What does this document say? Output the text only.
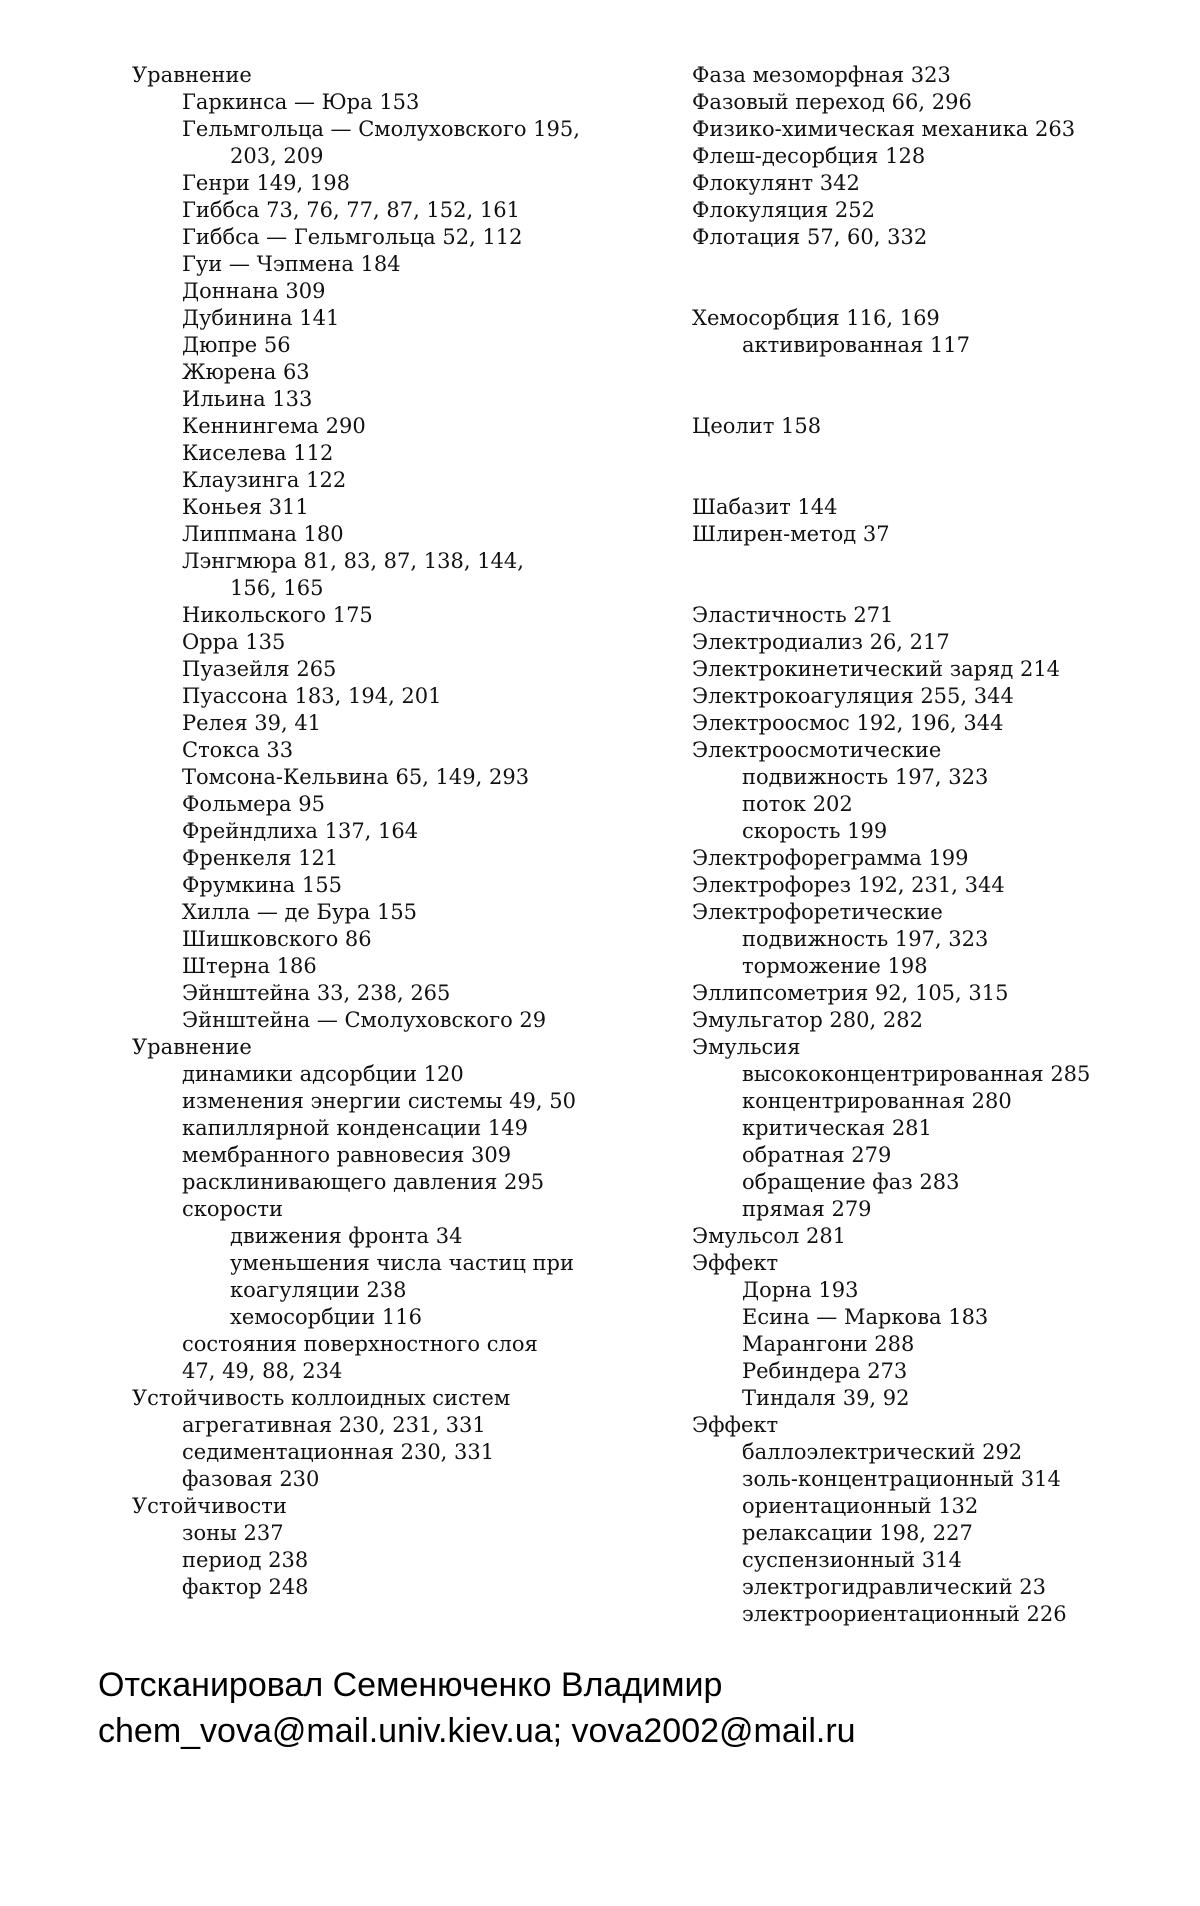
Уравнение
Гаркинса — Юра 153
Гельмгольца — Смолуховского 195,
203, 209
Генри 149, 198
Гиббса 73, 76, 77, 87, 152, 161
Гиббса — Гельмгольца 52, 112
Гуи — Чэпмена 184
Доннана 309
Дубинина 141
Дюпре 56
Жюрена 63
Ильина 133
Кеннингема 290
Киселева 112
Клаузинга 122
Коньея 311
Липпмана 180
Лэнгмюра 81, 83, 87, 138, 144,
156, 165
Никольского 175
Орра 135
Пуазейля 265
Пуассона 183, 194, 201
Релея 39, 41
Стокса 33
Томсона-Кельвина 65, 149, 293
Фольмера 95
Фрейндлиха 137, 164
Френкеля 121
Фрумкина 155
Хилла — де Бура 155
Шишковского 86
Штерна 186
Эйнштейна 33, 238, 265
Эйнштейна — Смолуховского 29
Уравнение
динамики адсорбции 120
изменения энергии системы 49, 50
капиллярной конденсации 149
мембранного равновесия 309
расклинивающего давления 295
скорости
движения фронта 34
уменьшения числа частиц при
коагуляции 238
хемосорбции 116
состояния поверхностного слоя
47, 49, 88, 234
Устойчивость коллоидных систем
агрегативная 230, 231, 331
седиментационная 230, 331
фазовая 230
Устойчивости
зоны 237
период 238
фактор 248
Фаза мезоморфная 323
Фазовый переход 66, 296
Физико-химическая механика 263
Флеш-десорбция 128
Флокулянт 342
Флокуляция 252
Флотация 57, 60, 332
Хемосорбция 116, 169
активированная 117
Цеолит 158
Шабазит 144
Шлирен-метод 37
Эластичность 271
Электродиализ 26, 217
Электрокинетический заряд 214
Электрокоагуляция 255, 344
Электроосмос 192, 196, 344
Электроосмотические
подвижность 197, 323
поток 202
скорость 199
Электрофореграмма 199
Электрофорез 192, 231, 344
Электрофоретические
подвижность 197, 323
торможение 198
Эллипсометрия 92, 105, 315
Эмульгатор 280, 282
Эмульсия
высококонцентрированная 285
концентрированная 280
критическая 281
обратная 279
обращение фаз 283
прямая 279
Эмульсол 281
Эффект
Дорна 193
Есина — Маркова 183
Марангони 288
Ребиндера 273
Тиндаля 39, 92
Эффект
баллоэлектрический 292
золь-концентрационный 314
ориентационный 132
релаксации 198, 227
суспензионный 314
электрогидравлический 23
электроориентационный 226
Отсканировал Семенюченко Владимир
chem_vova@mail.univ.kiev.ua; vova2002@mail.ru
